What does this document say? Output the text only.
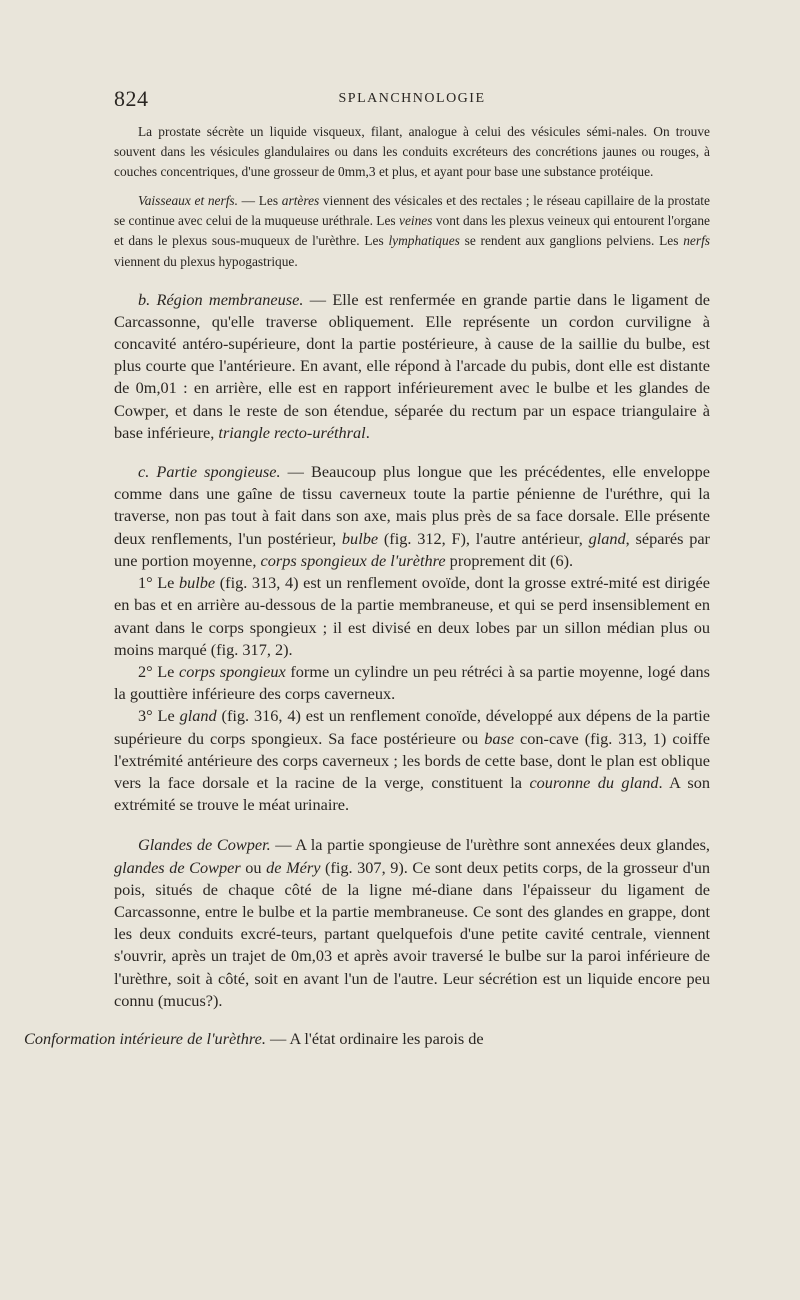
824	SPLANCHNOLOGIE

La prostate sécrète un liquide visqueux, filant, analogue à celui des vésicules sémi-nales. On trouve souvent dans les vésicules glandulaires ou dans les conduits excréteurs des concrétions jaunes ou rouges, à couches concentriques, d'une grosseur de 0mm,3 et plus, et ayant pour base une substance protéique.

Vaisseaux et nerfs. — Les artères viennent des vésicales et des rectales ; le réseau capillaire de la prostate se continue avec celui de la muqueuse uréthrale. Les veines vont dans les plexus veineux qui entourent l'organe et dans le plexus sous-muqueux de l'urèthre. Les lymphatiques se rendent aux ganglions pelviens. Les nerfs viennent du plexus hypogastrique.

b. Région membraneuse. — Elle est renfermée en grande partie dans le ligament de Carcassonne, qu'elle traverse obliquement. Elle représente un cordon curviligne à concavité antéro-supérieure, dont la partie postérieure, à cause de la saillie du bulbe, est plus courte que l'antérieure. En avant, elle répond à l'arcade du pubis, dont elle est distante de 0m,01 : en arrière, elle est en rapport inférieurement avec le bulbe et les glandes de Cowper, et dans le reste de son étendue, séparée du rectum par un espace triangulaire à base inférieure, triangle recto-uréthral.

c. Partie spongieuse. — Beaucoup plus longue que les précédentes, elle enveloppe comme dans une gaîne de tissu caverneux toute la partie pénienne de l'uréthre, qui la traverse, non pas tout à fait dans son axe, mais plus près de sa face dorsale. Elle présente deux renflements, l'un postérieur, bulbe (fig. 312, F), l'autre antérieur, gland, séparés par une portion moyenne, corps spongieux de l'urèthre proprement dit (6).

1° Le bulbe (fig. 313, 4) est un renflement ovoïde, dont la grosse extré-mité est dirigée en bas et en arrière au-dessous de la partie membraneuse, et qui se perd insensiblement en avant dans le corps spongieux ; il est divisé en deux lobes par un sillon médian plus ou moins marqué (fig. 317, 2).

2° Le corps spongieux forme un cylindre un peu rétréci à sa partie moyenne, logé dans la gouttière inférieure des corps caverneux.

3° Le gland (fig. 316, 4) est un renflement conoïde, développé aux dépens de la partie supérieure du corps spongieux. Sa face postérieure ou base con-cave (fig. 313, 1) coiffe l'extrémité antérieure des corps caverneux ; les bords de cette base, dont le plan est oblique vers la face dorsale et la racine de la verge, constituent la couronne du gland. A son extrémité se trouve le méat urinaire.

Glandes de Cowper. — A la partie spongieuse de l'urèthre sont annexées deux glandes, glandes de Cowper ou de Méry (fig. 307, 9). Ce sont deux petits corps, de la grosseur d'un pois, situés de chaque côté de la ligne mé-diane dans l'épaisseur du ligament de Carcassonne, entre le bulbe et la partie membraneuse. Ce sont des glandes en grappe, dont les deux conduits excré-teurs, partant quelquefois d'une petite cavité centrale, viennent s'ouvrir, après un trajet de 0m,03 et après avoir traversé le bulbe sur la paroi inférieure de l'urèthre, soit à côté, soit en avant l'un de l'autre. Leur sécrétion est un liquide encore peu connu (mucus?).

Conformation intérieure de l'urèthre. — A l'état ordinaire les parois de
